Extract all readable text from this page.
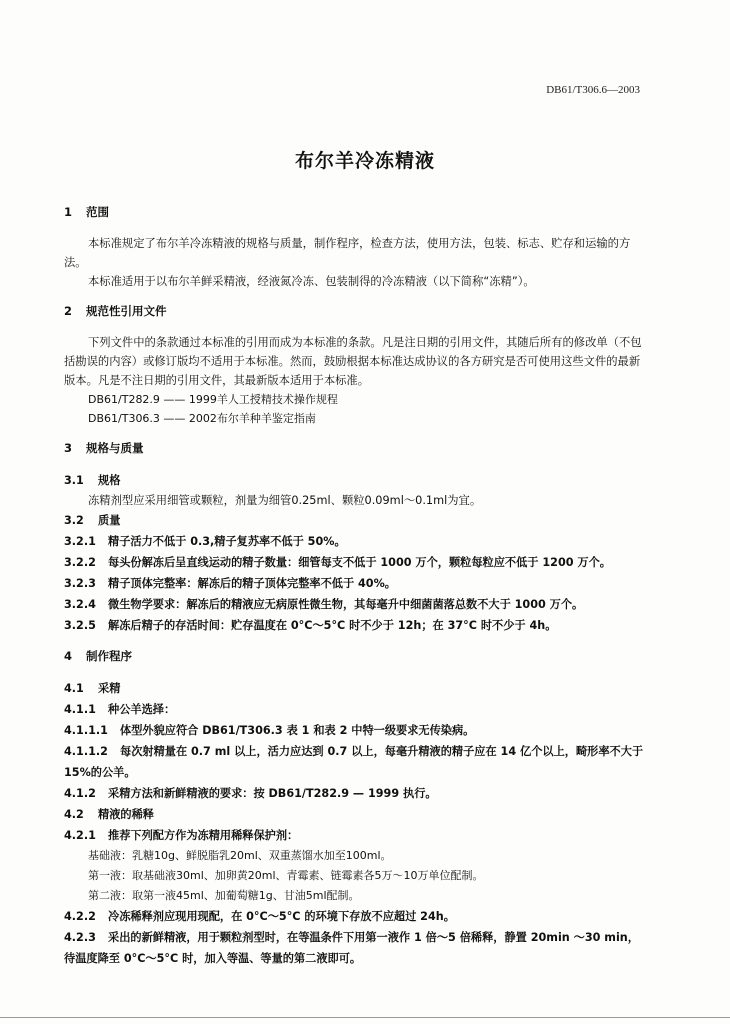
DB61/T306.6—2003
布尔羊冷冻精液
1 范围

本标准规定了布尔羊冷冻精液的规格与质量，制作程序，检查方法，使用方法，包装、标志、贮存和运输的方法。

本标准适用于以布尔羊鲜采精液，经液氮冷冻、包装制得的冷冻精液（以下简称“冻精”）。

2 规范性引用文件

下列文件中的条款通过本标准的引用而成为本标准的条款。凡是注日期的引用文件，其随后所有的修改单（不包括勘误的内容）或修订版均不适用于本标准。然而，鼓励根据本标准达成协议的各方研究是否可使用这些文件的最新版本。凡是不注日期的引用文件，其最新版本适用于本标准。

DB61/T282.9 —— 1999羊人工授精技术操作规程

DB61/T306.3 —— 2002布尔羊种羊鉴定指南

3 规格与质量
3.1 规格

冻精剂型应采用细管或颗粒，剂量为细管0.25ml、颗粒0.09ml～0.1ml为宜。

3.2 质量
3.2.1 精子活力不低于 0.3,精子复苏率不低于 50%。
3.2.2 每头份解冻后呈直线运动的精子数量：细管每支不低于 1000 万个，颗粒每粒应不低于 1200 万个。
3.2.3 精子顶体完整率：解冻后的精子顶体完整率不低于 40%。
3.2.4 微生物学要求：解冻后的精液应无病原性微生物，其每毫升中细菌菌落总数不大于 1000 万个。
3.2.5 解冻后精子的存活时间：贮存温度在 0°C～5°C 时不少于 12h；在 37°C 时不少于 4h。
4 制作程序
4.1 采精
4.1.1 种公羊选择：
4.1.1.1 体型外貌应符合 DB61/T306.3 表 1 和表 2 中特一级要求无传染病。
4.1.1.2 每次射精量在 0.7 ml 以上，活力应达到 0.7 以上，每毫升精液的精子应在 14 亿个以上，畸形率不大于 15%的公羊。
4.1.2 采精方法和新鲜精液的要求：按 DB61/T282.9 — 1999 执行。
4.2 精液的稀释
4.2.1 推荐下列配方作为冻精用稀释保护剂：

基础液：乳糖10g、鲜脱脂乳20ml、双重蒸馏水加至100ml。

第一液：取基础液30ml、加卵黄20ml、青霉素、链霉素各5万～10万单位配制。

第二液：取第一液45ml、加葡萄糖1g、甘油5ml配制。

4.2.2 冷冻稀释剂应现用现配，在 0°C～5°C 的环境下存放不应超过 24h。
4.2.3 采出的新鲜精液，用于颗粒剂型时，在等温条件下用第一液作 1 倍～5 倍稀释，静置 20min ～30 min，待温度降至 0°C～5°C 时，加入等温、等量的第二液即可。
